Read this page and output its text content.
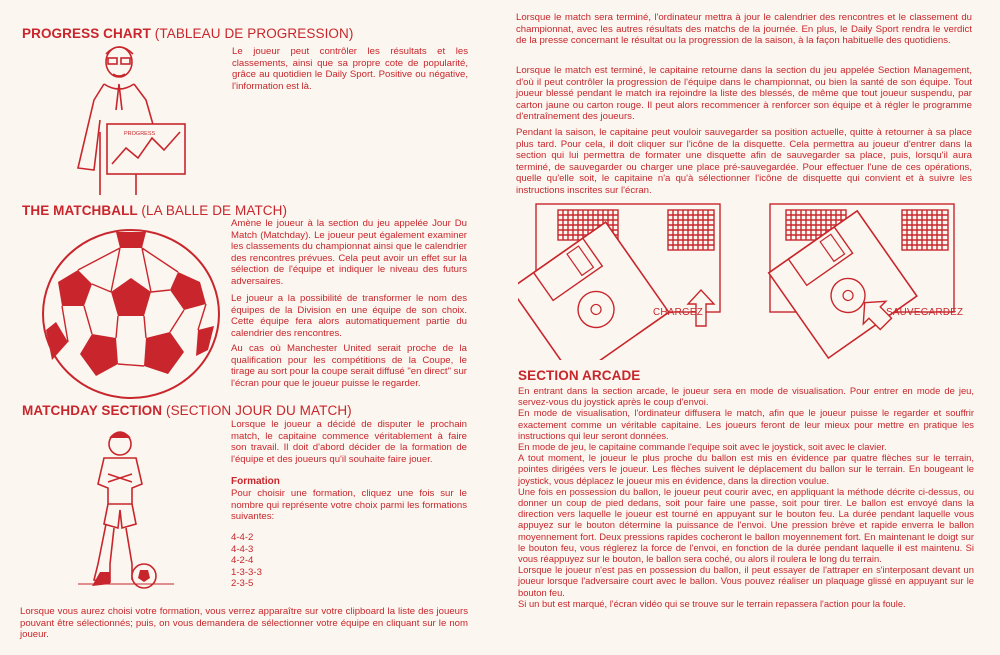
PROGRESS CHART (TABLEAU DE PROGRESSION)
PROGRESS

Le joueur peut contrôler les résultats et les classements, ainsi que sa propre cote de popularité, grâce au quotidien le Daily Sport. Positive ou négative, l'information est là.

THE MATCHBALL (LA BALLE DE MATCH)

Amène le joueur à la section du jeu appelée Jour Du Match (Matchday). Le joueur peut également examiner les classements du championnat ainsi que le calendrier des rencontres prévues. Cela peut avoir un effet sur la sélection de l'équipe et indiquer le niveau des futurs adversaires.

Le joueur a la possibilité de transformer le nom des équipes de la Division en une équipe de son choix. Cette équipe fera alors automatiquement partie du calendrier des rencontres.

Au cas où Manchester United serait proche de la qualification pour les compétitions de la Coupe, le tirage au sort pour la coupe serait diffusé "en direct" sur l'écran pour que le joueur puisse le regarder.

MATCHDAY SECTION (SECTION JOUR DU MATCH)

Lorsque le joueur a décidé de disputer le prochain match, le capitaine commence véritablement à faire son travail. Il doit d'abord décider de la formation de l'équipe et des joueurs qu'il souhaite faire jouer.

Formation

Pour choisir une formation, cliquez une fois sur le nombre qui représente votre choix parmi les formations suivantes:

4-4-2
4-4-3
4-2-4
1-3-3-3
2-3-5

Lorsque vous aurez choisi votre formation, vous verrez apparaître sur votre clipboard la liste des joueurs pouvant être sélectionnés; puis, on vous demandera de sélectionner votre équipe en cliquant sur le nom joueur.

Lorsque le match sera terminé, l'ordinateur mettra à jour le calendrier des rencontres et le classement du championnat, avec les autres résultats des matchs de la journée. En plus, le Daily Sport rendra le verdict de la presse concernant le résultat ou la progression de la saison, à la façon habituelle des quotidiens.

Lorsque le match est terminé, le capitaine retourne dans la section du jeu appelée Section Management, d'où il peut contrôler la progression de l'équipe dans le championnat, ou bien la santé de son équipe. Tout joueur blessé pendant le match ira rejoindre la liste des blessés, de même que tout joueur suspendu, par carton jaune ou carton rouge. Il peut alors recommencer à renforcer son équipe et à régler le programme d'entraînement des joueurs.

Pendant la saison, le capitaine peut vouloir sauvegarder sa position actuelle, quitte à retourner à sa place plus tard. Pour cela, il doit cliquer sur l'icône de la disquette. Cela permettra au joueur d'entrer dans la section qui lui permettra de formater une disquette afin de sauvegarder sa place, puis, lorsqu'il aura terminé, de sauvegarder ou charger une place pré-sauvegardée. Pour effectuer l'une de ces opérations, quelle qu'elle soit, le capitaine n'a qu'à sélectionner l'icône de disquette qui convient et à suivre les instructions inscrites sur l'écran.

CHARGEZ	SAUVEGARDEZ
SECTION ARCADE

En entrant dans la section arcade, le joueur sera en mode de visualisation. Pour entrer en mode de jeu, servez-vous du joystick après le coup d'envoi.
En mode de visualisation, l'ordinateur diffusera le match, afin que le joueur puisse le regarder et souffrir exactement comme un véritable capitaine. Les joueurs feront de leur mieux pour mettre en pratique les instructions qui leur seront données.
En mode de jeu, le capitaine commande l'equipe soit avec le joystick, soit avec le clavier.
A tout moment, le joueur le plus proche du ballon est mis en évidence par quatre flèches sur le terrain, pointes dirigées vers le joueur. Les flèches suivent le déplacement du ballon sur le terrain. En bougeant le joystick, vous déplacez le joueur mis en évidence, dans la direction voulue.
Une fois en possession du ballon, le joueur peut courir avec, en appliquant la méthode décrite ci-dessus, ou donner un coup de pied dedans, soit pour faire une passe, soit pour tirer. Le ballon est envoyé dans la direction vers laquelle le joueur est tourné en appuyant sur le bouton feu. La durée pendant laquelle vous appuyez sur le bouton détermine la puissance de l'envoi. Une pression brève et rapide enverra le ballon moyennement fort. Deux pressions rapides cocheront le ballon moyennement fort. En maintenant le doigt sur le bouton feu, vous réglerez la force de l'envoi, en fonction de la durée pendant laquelle il est maintenu. Si vous réappuyez sur le bouton, le ballon sera coché, ou alors il roulera le long du terrain.
Lorsque le joueur n'est pas en possession du ballon, il peut essayer de l'attraper en s'interposant devant un joueur lorsque l'adversaire court avec le ballon. Vous pouvez réaliser un plaquage glissé en appuyant sur le bouton feu.
Si un but est marqué, l'écran vidéo qui se trouve sur le terrain repassera l'action pour la foule.
